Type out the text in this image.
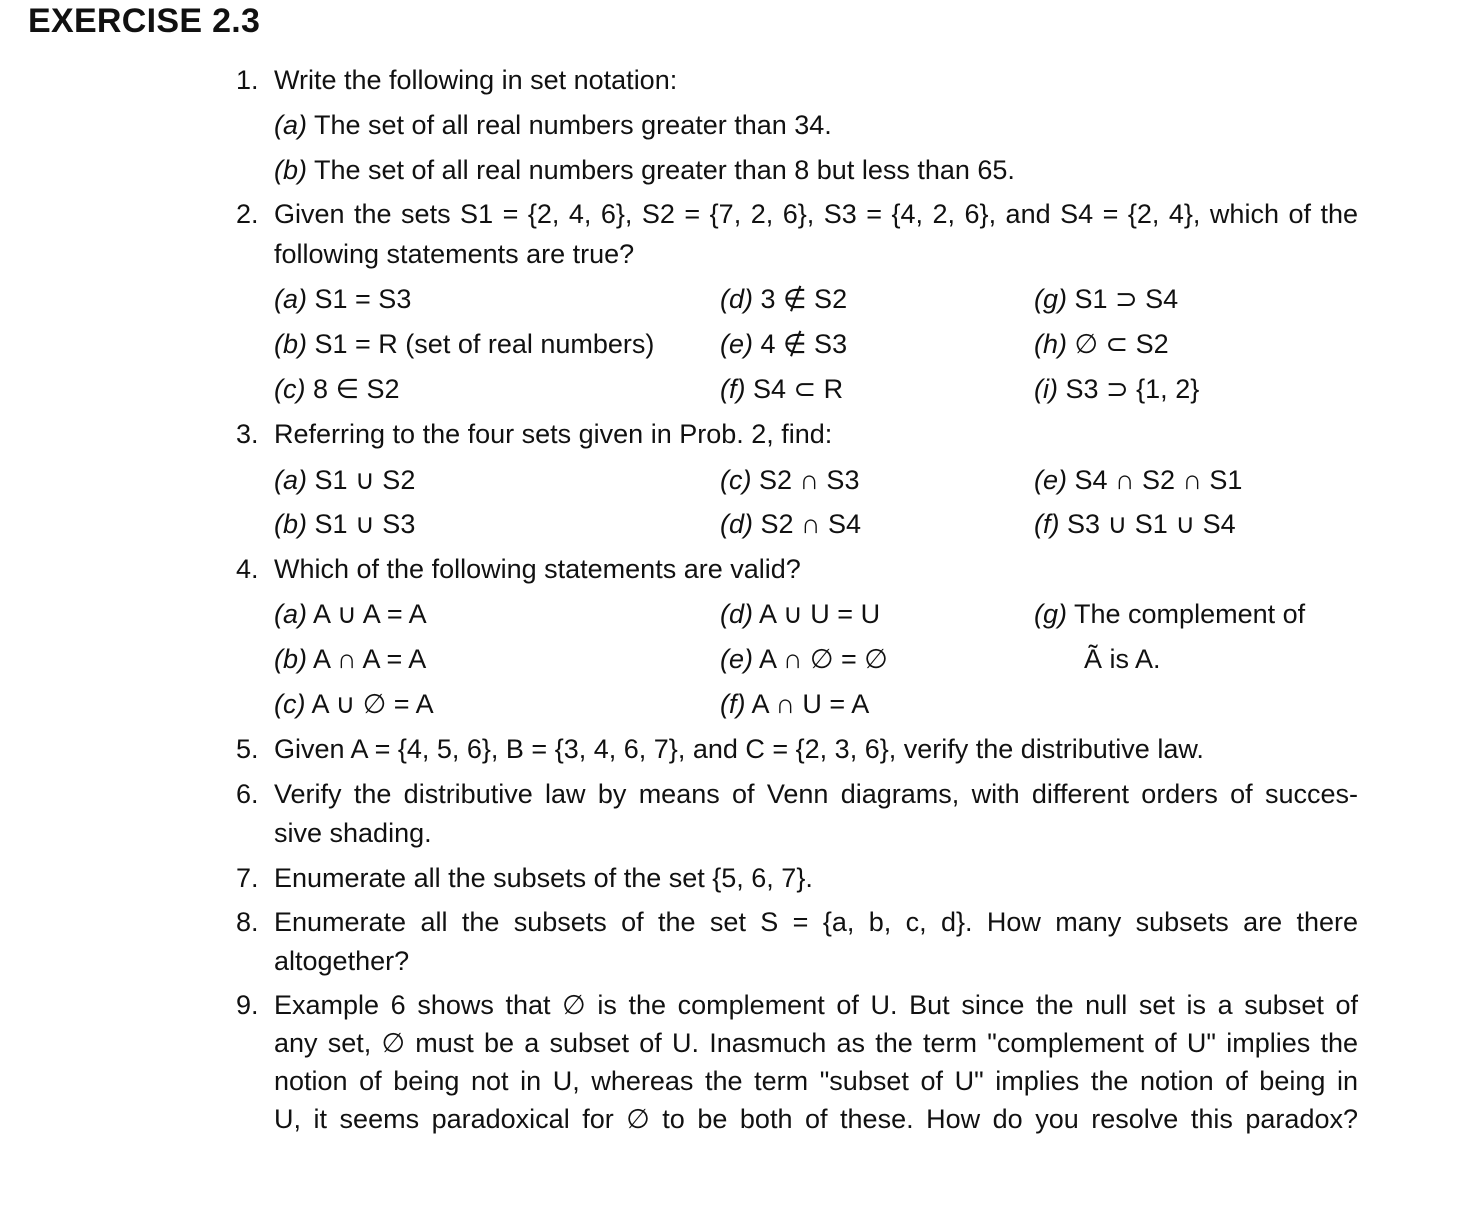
EXERCISE 2.3
1. Write the following in set notation:
(a) The set of all real numbers greater than 34.
(b) The set of all real numbers greater than 8 but less than 65.
2. Given the sets S1 = {2, 4, 6}, S2 = {7, 2, 6}, S3 = {4, 2, 6}, and S4 = {2, 4}, which of the
following statements are true?
(a) S1 = S3
(b) S1 = R (set of real numbers)
(c) 8 ∈ S2
(d) 3 ∉ S2
(e) 4 ∉ S3
(f) S4 ⊂ R
(g) S1 ⊃ S4
(h) ∅ ⊂ S2
(i) S3 ⊃ {1, 2}
3. Referring to the four sets given in Prob. 2, find:
(a) S1 ∪ S2
(b) S1 ∪ S3
(c) S2 ∩ S3
(d) S2 ∩ S4
(e) S4 ∩ S2 ∩ S1
(f) S3 ∪ S1 ∪ S4
4. Which of the following statements are valid?
(a) A ∪ A = A
(b) A ∩ A = A
(c) A ∪ ∅ = A
(d) A ∪ U = U
(e) A ∩ ∅ = ∅
(f) A ∩ U = A
(g) The complement of
Ã is A.
5. Given A = {4, 5, 6}, B = {3, 4, 6, 7}, and C = {2, 3, 6}, verify the distributive law.
6. Verify the distributive law by means of Venn diagrams, with different orders of succes-
sive shading.
7. Enumerate all the subsets of the set {5, 6, 7}.
8. Enumerate all the subsets of the set S = {a, b, c, d}. How many subsets are there
altogether?
9. Example 6 shows that ∅ is the complement of U. But since the null set is a subset of
any set, ∅ must be a subset of U. Inasmuch as the term "complement of U" implies the
notion of being not in U, whereas the term "subset of U" implies the notion of being in
U, it seems paradoxical for ∅ to be both of these. How do you resolve this paradox?
